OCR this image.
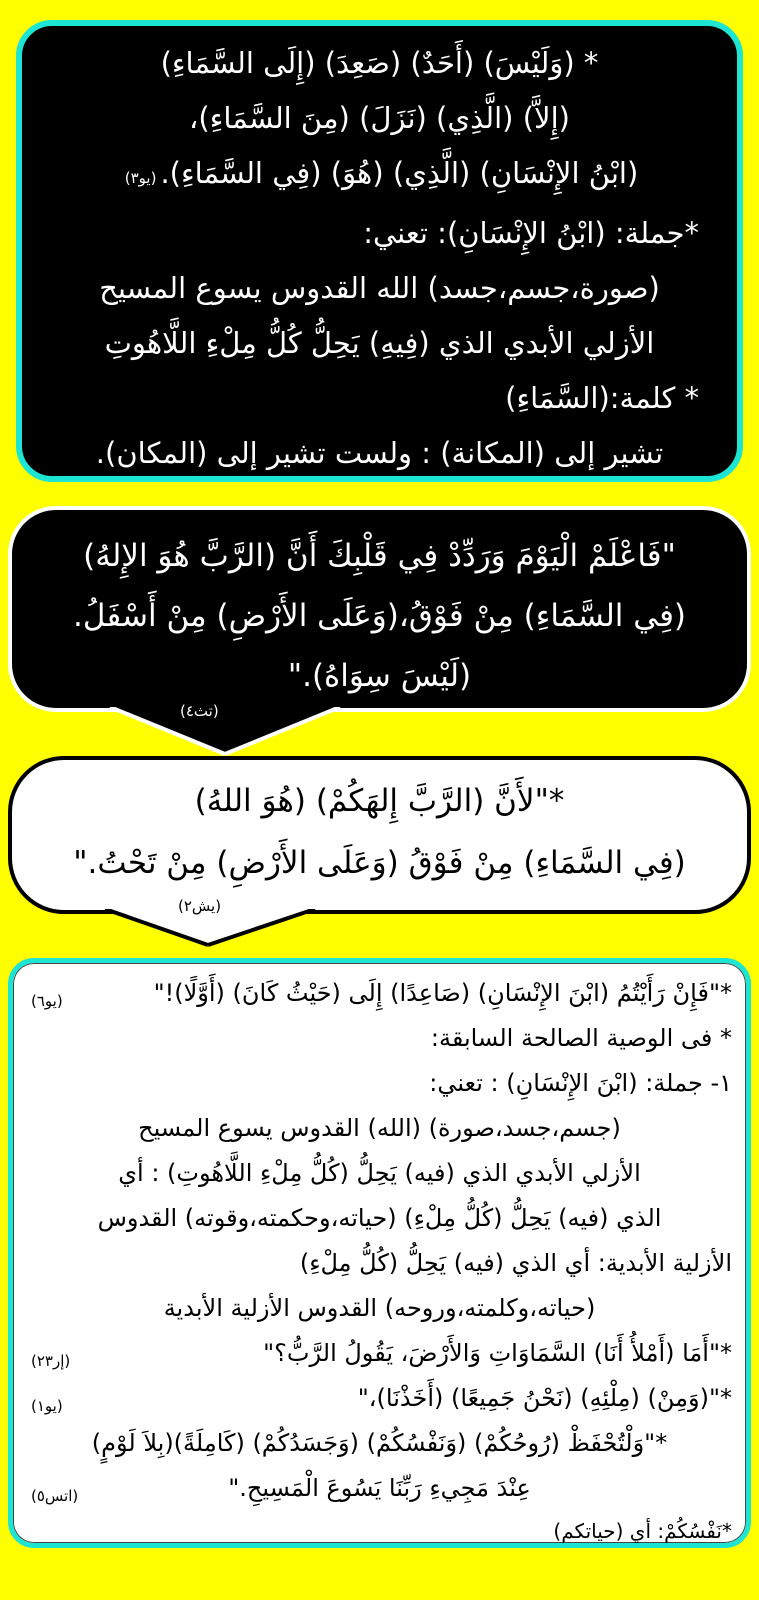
* (وَلَيْسَ) (أَحَدٌ) (صَعِدَ) (إِلَى السَّمَاءِ)
(إِلاَّ) (الَّذِي) (نَزَلَ) (مِنَ السَّمَاءِ)،
(ابْنُ الإِنْسَانِ) (الَّذِي) (هُوَ) (فِي السَّمَاءِ).(يو٣)
*جملة: (ابْنُ الإِنْسَانِ): تعني:
(صورة،جسم،جسد) الله القدوس يسوع المسيح
الأزلي الأبدي الذي (فِيهِ) يَحِلُّ كُلُّ مِلْءِ اللَّاهُوتِ
* كلمة:(السَّمَاءِ)
تشير إلى (المكانة) : ولست تشير إلى (المكان).
"فَاعْلَمْ الْيَوْمَ وَرَدِّدْ فِي قَلْبِكَ أَنَّ (الرَّبَّ هُوَ الإِلهُ)
(فِي السَّمَاءِ) مِنْ فَوْقُ،(وَعَلَى الأَرْضِ) مِنْ أَسْفَلُ.
(لَيْسَ سِوَاهُ)."
(تث٤)
*"لأَنَّ (الرَّبَّ إِلهَكُمْ) (هُوَ اللهُ)
(فِي السَّمَاءِ) مِنْ فَوْقُ (وَعَلَى الأَرْضِ) مِنْ تَحْتُ."
(يش٢)
*"فَإِنْ رَأَيْتُمُ (ابْنَ الإِنْسَانِ) (صَاعِدًا) إِلَى (حَيْثُ كَانَ) (أَوَّلًا)!"
(يو٦)
* فى الوصية الصالحة السابقة:
١- جملة: (ابْنَ الإِنْسَانِ) : تعني:
(جسم،جسد،صورة) (الله) القدوس يسوع المسيح
الأزلي الأبدي الذي (فيه) يَحِلُّ (كُلُّ مِلْءِ اللَّاهُوتِ) : أي
الذي (فيه) يَحِلُّ (كُلُّ مِلْءِ) (حياته،وحكمته،وقوته) القدوس
الأزلية الأبدية: أي الذي (فيه) يَحِلُّ (كُلُّ مِلْءِ)
(حياته،وكلمته،وروحه) القدوس الأزلية الأبدية
*"أَمَا (أَمْلأُ أَنَا) السَّمَاوَاتِ وَالأَرْضَ، يَقُولُ الرَّبُّ؟"
(إر٢٣)
*"(وَمِنْ) (مِلْئِهِ) (نَحْنُ جَمِيعًا) (أَخَذْنَا)،"
(يو١)
*"وَلْتُحْفَظْ (رُوحُكُمْ) (وَنَفْسُكُمْ) (وَجَسَدُكُمْ) (كَامِلَةً)(بِلاَ لَوْمٍ)
عِنْدَ مَجِيءِ رَبِّنَا يَسُوعَ الْمَسِيحِ."
(اتس٥)
*نَفْسُكُمْ: أي (حياتكم)
